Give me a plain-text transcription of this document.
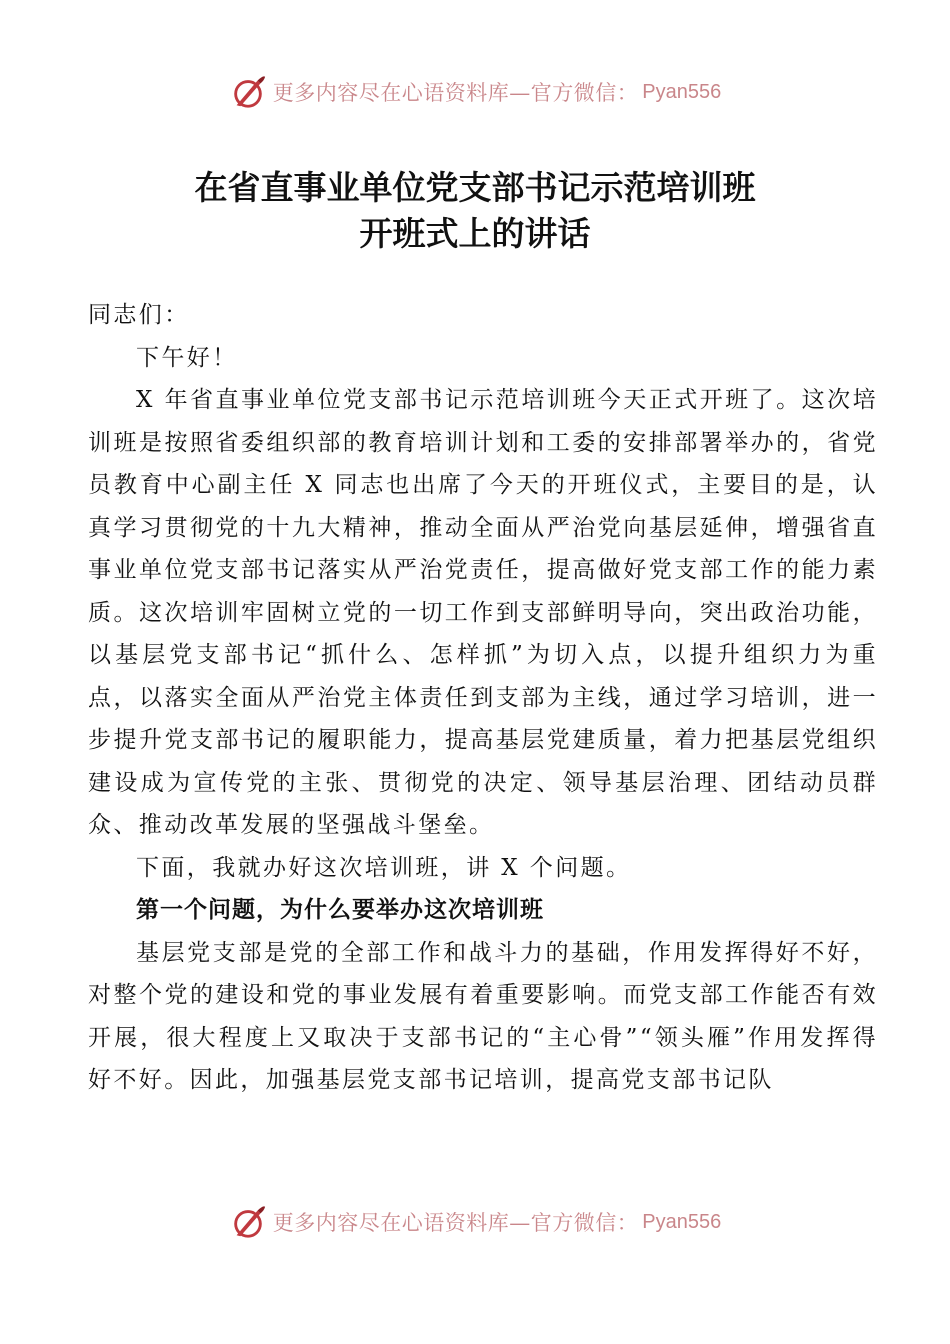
更多内容尽在心语资料库—官方微信： Pyan556
在省直事业单位党支部书记示范培训班
开班式上的讲话

同志们：

下午好！

X 年省直事业单位党支部书记示范培训班今天正式开班了。这次培训班是按照省委组织部的教育培训计划和工委的安排部署举办的，省党员教育中心副主任 X 同志也出席了今天的开班仪式，主要目的是，认真学习贯彻党的十九大精神，推动全面从严治党向基层延伸，增强省直事业单位党支部书记落实从严治党责任，提高做好党支部工作的能力素质。这次培训牢固树立党的一切工作到支部鲜明导向，突出政治功能，以基层党支部书记“抓什么、怎样抓”为切入点，以提升组织力为重点，以落实全面从严治党主体责任到支部为主线，通过学习培训，进一步提升党支部书记的履职能力，提高基层党建质量，着力把基层党组织建设成为宣传党的主张、贯彻党的决定、领导基层治理、团结动员群众、推动改革发展的坚强战斗堡垒。

下面，我就办好这次培训班，讲 X 个问题。

第一个问题，为什么要举办这次培训班

基层党支部是党的全部工作和战斗力的基础，作用发挥得好不好，对整个党的建设和党的事业发展有着重要影响。而党支部工作能否有效开展，很大程度上又取决于支部书记的“主心骨”“领头雁”作用发挥得好不好。因此，加强基层党支部书记培训，提高党支部书记队

更多内容尽在心语资料库—官方微信： Pyan556
